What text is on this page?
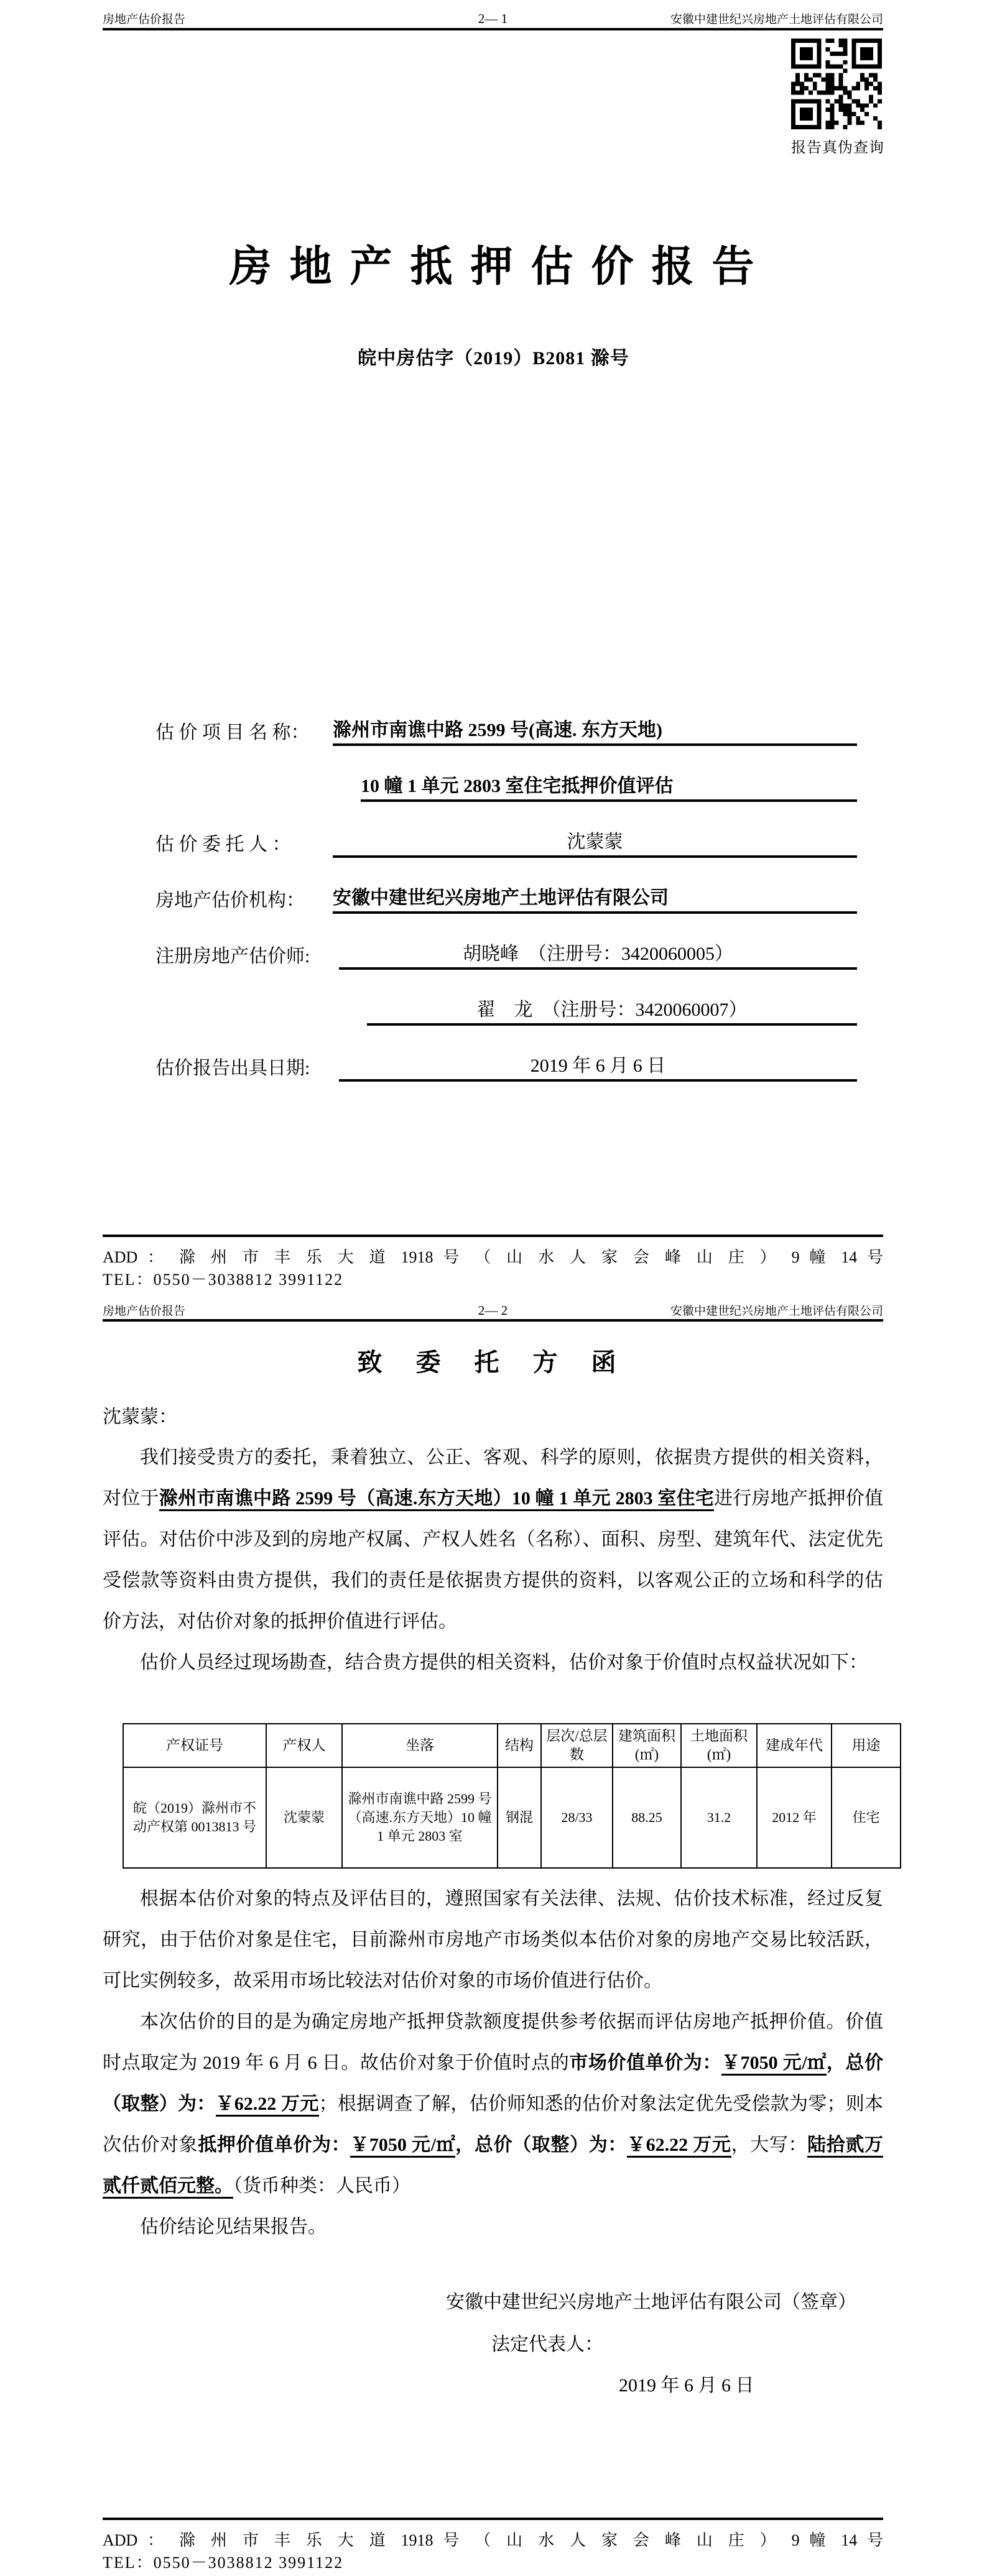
房地产估价报告	2— 1	安徽中建世纪兴房地产土地评估有限公司
报告真伪查询
房 地 产 抵 押 估 价 报 告
皖中房估字（2019）B2081 滁号
估 价 项 目 名 称：	滁州市南谯中路 2599 号(高速. 东方天地)
10 幢 1 单元 2803 室住宅抵押价值评估
估 价 委 托 人 ：	沈蒙蒙
房地产估价机构：	安徽中建世纪兴房地产土地评估有限公司
注册房地产估价师:	胡晓峰　（注册号：3420060005）
翟　龙　（注册号：3420060007）
估价报告出具日期:	2019 年 6 月 6 日
ADD ： 滁 州 市 丰 乐 大 道 1918 号 （ 山 水 人 家 会 峰 山 庄 ） 9 幢 14 号
TEL：0550－3038812 3991122
房地产估价报告	2— 2	安徽中建世纪兴房地产土地评估有限公司
致 委 托 方 函
沈蒙蒙：

我们接受贵方的委托，秉着独立、公正、客观、科学的原则，依据贵方提供的相关资料，对位于滁州市南谯中路 2599 号（高速.东方天地）10 幢 1 单元 2803 室住宅进行房地产抵押价值评估。对估价中涉及到的房地产权属、产权人姓名（名称）、面积、房型、建筑年代、法定优先受偿款等资料由贵方提供，我们的责任是依据贵方提供的资料，以客观公正的立场和科学的估价方法，对估价对象的抵押价值进行评估。

估价人员经过现场勘查，结合贵方提供的相关资料，估价对象于价值时点权益状况如下：

产权证号	产权人	坐落	结构	层次/总层数	建筑面积(㎡)	土地面积(㎡)	建成年代	用途
皖（2019）滁州市不动产权第 0013813 号	沈蒙蒙	滁州市南谯中路 2599 号（高速.东方天地）10 幢 1 单元 2803 室	钢混	28/33	88.25	31.2	2012 年	住宅

根据本估价对象的特点及评估目的，遵照国家有关法律、法规、估价技术标准，经过反复研究，由于估价对象是住宅，目前滁州市房地产市场类似本估价对象的房地产交易比较活跃，可比实例较多，故采用市场比较法对估价对象的市场价值进行估价。

本次估价的目的是为确定房地产抵押贷款额度提供参考依据而评估房地产抵押价值。价值时点取定为 2019 年 6 月 6 日。故估价对象于价值时点的市场价值单价为：￥7050 元/㎡，总价（取整）为：￥62.22 万元；根据调查了解，估价师知悉的估价对象法定优先受偿款为零；则本次估价对象抵押价值单价为：￥7050 元/㎡，总价（取整）为：￥62.22 万元，大写：陆拾贰万贰仟贰佰元整。（货币种类：人民币）

估价结论见结果报告。

安徽中建世纪兴房地产土地评估有限公司（签章）
法定代表人：
2019 年 6 月 6 日
ADD ： 滁 州 市 丰 乐 大 道 1918 号 （ 山 水 人 家 会 峰 山 庄 ） 9 幢 14 号
TEL：0550－3038812 3991122
